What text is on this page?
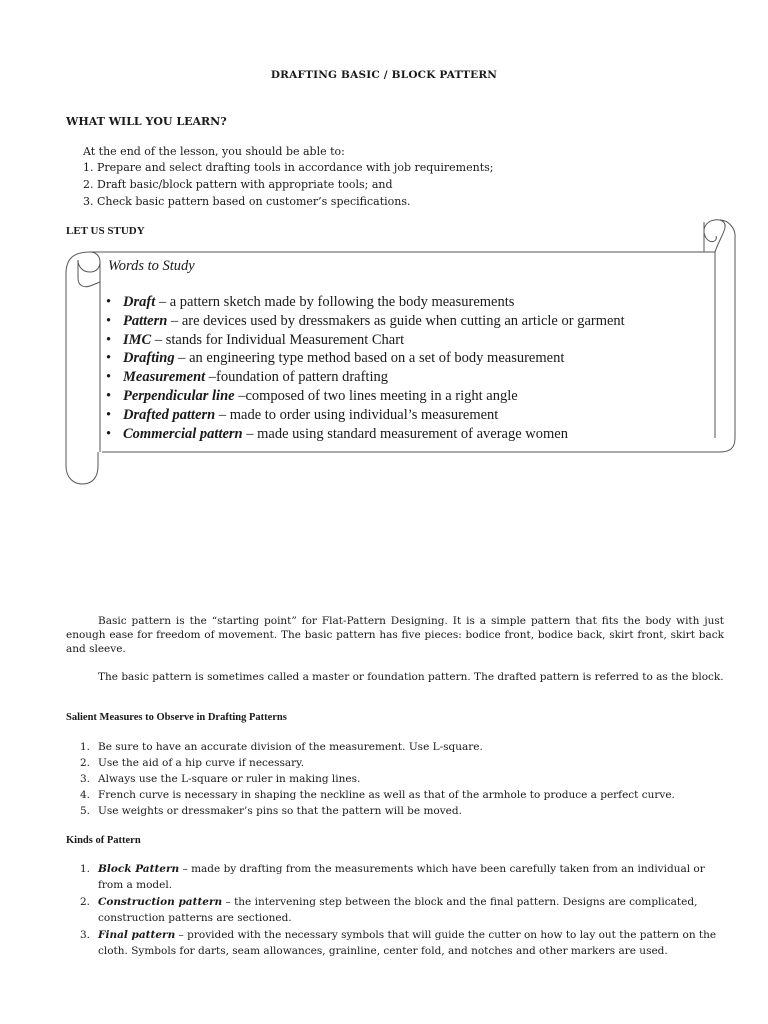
DRAFTING BASIC / BLOCK PATTERN
WHAT WILL YOU LEARN?
At the end of the lesson, you should be able to:
1. Prepare and select drafting tools in accordance with job requirements;
2. Draft basic/block pattern with appropriate tools; and
3. Check basic pattern based on customer’s specifications.
LET US STUDY
Words to Study
• Draft – a pattern sketch made by following the body measurements
• Pattern – are devices used by dressmakers as guide when cutting an article or garment
• IMC – stands for Individual Measurement Chart
• Drafting – an engineering type method based on a set of body measurement
• Measurement –foundation of pattern drafting
• Perpendicular line –composed of two lines meeting in a right angle
• Drafted pattern – made to order using individual’s measurement
• Commercial pattern – made using standard measurement of average women
Basic pattern is the “starting point” for Flat-Pattern Designing. It is a simple pattern that fits the body with just enough ease for freedom of movement. The basic pattern has five pieces: bodice front, bodice back, skirt front, skirt back and sleeve.
The basic pattern is sometimes called a master or foundation pattern. The drafted pattern is referred to as the block.
Salient Measures to Observe in Drafting Patterns
1. Be sure to have an accurate division of the measurement. Use L-square.
2. Use the aid of a hip curve if necessary.
3. Always use the L-square or ruler in making lines.
4. French curve is necessary in shaping the neckline as well as that of the armhole to produce a perfect curve.
5. Use weights or dressmaker’s pins so that the pattern will be moved.
Kinds of Pattern
1. Block Pattern – made by drafting from the measurements which have been carefully taken from an individual or from a model.
2. Construction pattern – the intervening step between the block and the final pattern. Designs are complicated, construction patterns are sectioned.
3. Final pattern – provided with the necessary symbols that will guide the cutter on how to lay out the pattern on the cloth. Symbols for darts, seam allowances, grainline, center fold, and notches and other markers are used.
